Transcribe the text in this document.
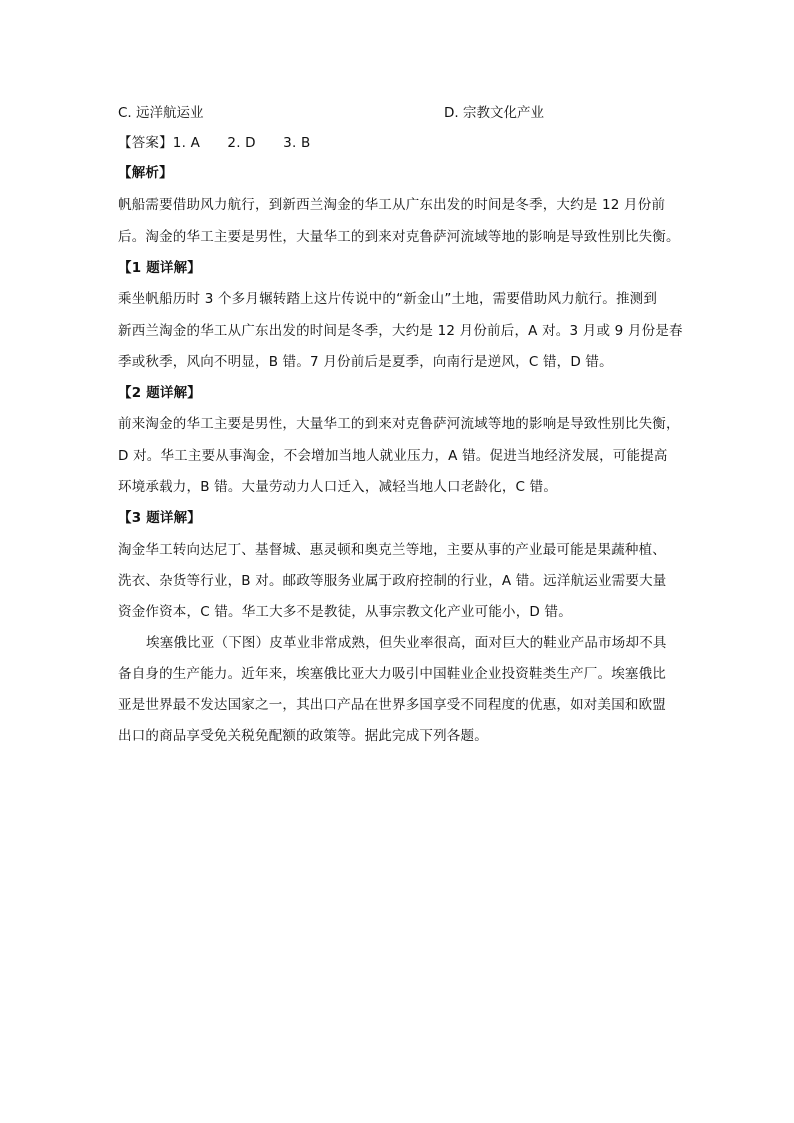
C. 远洋航运业	D. 宗教文化产业
【答案】1. A　　2. D　　3. B
【解析】
帆船需要借助风力航行，到新西兰淘金的华工从广东出发的时间是冬季，大约是 12 月份前
后。淘金的华工主要是男性，大量华工的到来对克鲁萨河流域等地的影响是导致性别比失衡。
【1 题详解】
乘坐帆船历时 3 个多月辗转踏上这片传说中的“新金山”土地，需要借助风力航行。推测到
新西兰淘金的华工从广东出发的时间是冬季，大约是 12 月份前后，A 对。3 月或 9 月份是春
季或秋季，风向不明显，B 错。7 月份前后是夏季，向南行是逆风，C 错，D 错。
【2 题详解】
前来淘金的华工主要是男性，大量华工的到来对克鲁萨河流域等地的影响是导致性别比失衡，
D 对。华工主要从事淘金，不会增加当地人就业压力，A 错。促进当地经济发展，可能提高
环境承载力，B 错。大量劳动力人口迁入，减轻当地人口老龄化，C 错。
【3 题详解】
淘金华工转向达尼丁、基督城、惠灵顿和奥克兰等地，主要从事的产业最可能是果蔬种植、
洗衣、杂货等行业，B 对。邮政等服务业属于政府控制的行业，A 错。远洋航运业需要大量
资金作资本，C 错。华工大多不是教徒，从事宗教文化产业可能小，D 错。
埃塞俄比亚（下图）皮革业非常成熟，但失业率很高，面对巨大的鞋业产品市场却不具
备自身的生产能力。近年来，埃塞俄比亚大力吸引中国鞋业企业投资鞋类生产厂。埃塞俄比
亚是世界最不发达国家之一，其出口产品在世界多国享受不同程度的优惠，如对美国和欧盟
出口的商品享受免关税免配额的政策等。据此完成下列各题。
